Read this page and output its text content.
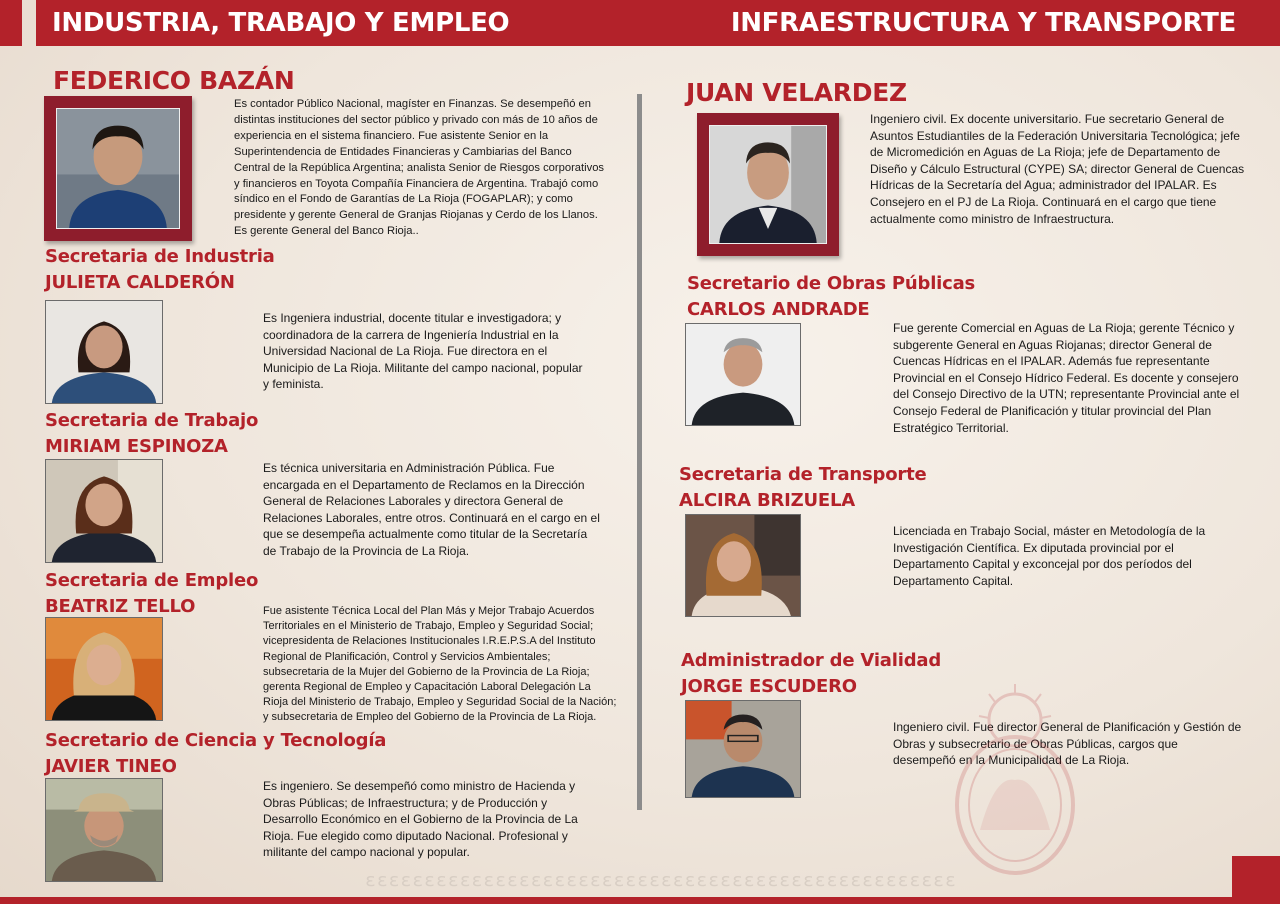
INDUSTRIA, TRABAJO Y EMPLEO	INFRAESTRUCTURA Y TRANSPORTE
FEDERICO BAZÁN
Es contador Público Nacional, magíster en Finanzas. Se desempeñó en distintas instituciones del sector público y privado con más de 10 años de experiencia en el sistema financiero. Fue asistente Senior en la Superintendencia de Entidades Financieras y Cambiarias del Banco Central de la República Argentina; analista Senior de Riesgos corporativos y financieros en Toyota Compañía Financiera de Argentina. Trabajó como síndico en el Fondo de Garantías de La Rioja (FOGAPLAR); y como presidente y gerente General de Granjas Riojanas y Cerdo de los Llanos. Es gerente General del Banco Rioja..
Secretaria de Industria
JULIETA CALDERÓN
Es Ingeniera industrial, docente titular e investigadora; y coordinadora de la carrera de Ingeniería Industrial en la Universidad Nacional de La Rioja. Fue directora en el Municipio de La Rioja. Militante del campo nacional, popular y feminista.
Secretaria de Trabajo
MIRIAM ESPINOZA
Es técnica universitaria en Administración Pública. Fue encargada en el Departamento de Reclamos en la Dirección General de Relaciones Laborales y directora General de Relaciones Laborales, entre otros. Continuará en el cargo en el que se desempeña actualmente como titular de la Secretaría de Trabajo de la Provincia de La Rioja.
Secretaria de Empleo
BEATRIZ TELLO	Fue asistente Técnica Local del Plan Más y Mejor Trabajo Acuerdos Territoriales en el Ministerio de Trabajo, Empleo y Seguridad Social; vicepresidenta de Relaciones Institucionales I.R.E.P.S.A del Instituto Regional de Planificación, Control y Servicios Ambientales; subsecretaria de la Mujer del Gobierno de la Provincia de La Rioja; gerenta Regional de Empleo y Capacitación Laboral Delegación La Rioja del Ministerio de Trabajo, Empleo y Seguridad Social de la Nación; y subsecretaria de Empleo del Gobierno de la Provincia de La Rioja.
Secretario de Ciencia y Tecnología
JAVIER TINEO
Es ingeniero. Se desempeñó como ministro de Hacienda y Obras Públicas; de Infraestructura; y de Producción y Desarrollo Económico en el Gobierno de la Provincia de La Rioja. Fue elegido como diputado Nacional. Profesional y militante del campo nacional y popular.
JUAN VELARDEZ
Ingeniero civil. Ex docente universitario. Fue secretario General de Asuntos Estudiantiles de la Federación Universitaria Tecnológica; jefe de Micromedición en Aguas de La Rioja; jefe de Departamento de Diseño y Cálculo Estructural (CYPE) SA; director General de Cuencas Hídricas de la Secretaría del Agua; administrador del IPALAR. Es Consejero en el PJ de La Rioja. Continuará en el cargo que tiene actualmente como ministro de Infraestructura.
Secretario de Obras Públicas
CARLOS ANDRADE
Fue gerente Comercial en Aguas de La Rioja; gerente Técnico y subgerente General en Aguas Riojanas; director General de Cuencas Hídricas en el IPALAR. Además fue representante Provincial en el Consejo Hídrico Federal. Es docente y consejero del Consejo Directivo de la UTN; representante Provincial ante el Consejo Federal de Planificación y titular provincial del Plan Estratégico Territorial.
Secretaria de Transporte
ALCIRA BRIZUELA
Licenciada en Trabajo Social, máster en Metodología de la Investigación Científica. Ex diputada provincial por el Departamento Capital y exconcejal por dos períodos del Departamento Capital.
Administrador de Vialidad
JORGE ESCUDERO
Ingeniero civil. Fue director General de Planificación y Gestión de Obras y subsecretario de Obras Públicas, cargos que desempeñó en la Municipalidad de La Rioja.
ɛɛɛɛɛɛɛɛɛɛɛɛɛɛɛɛɛɛɛɛɛɛɛɛɛɛɛɛɛɛɛɛɛɛɛɛɛɛɛɛɛɛɛɛɛɛɛɛɛɛ
